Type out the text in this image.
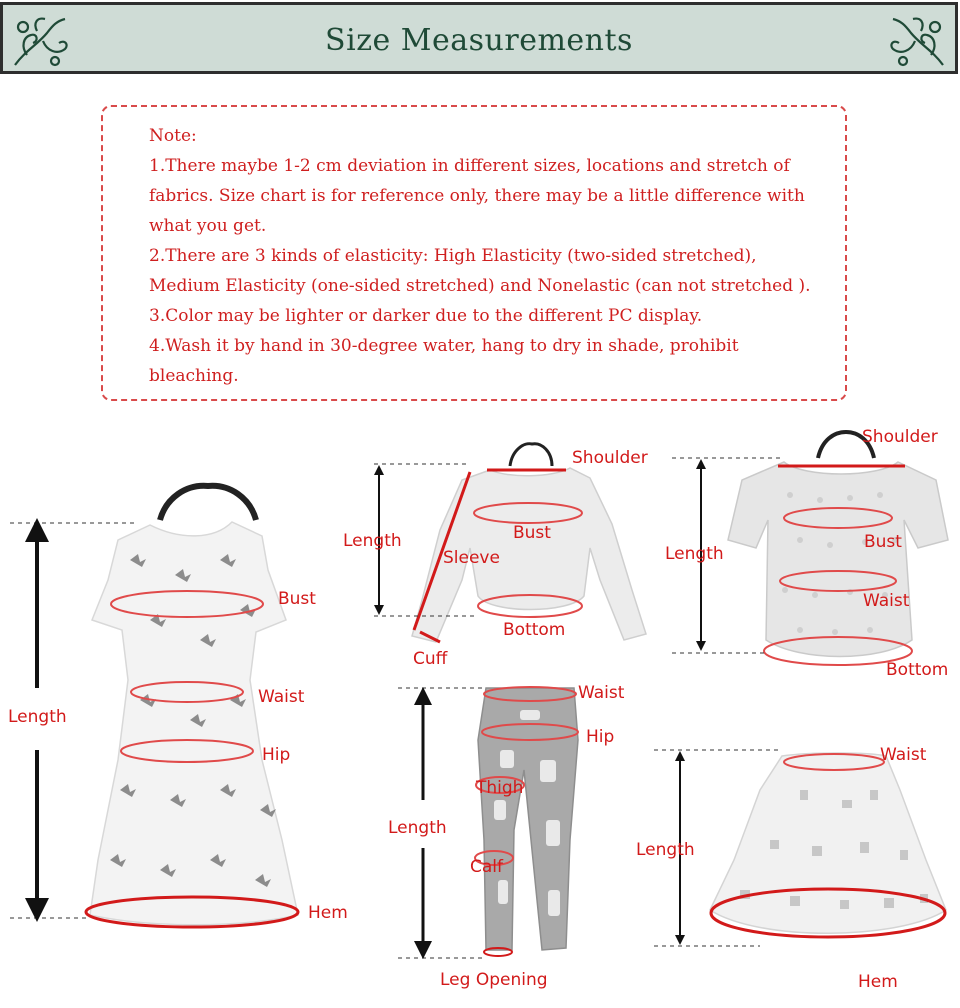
Size Measurements

Note:

1.There maybe 1-2 cm deviation in different sizes, locations and stretch of fabrics. Size chart is for reference only, there may be a little difference with what you get.

2.There are 3 kinds of elasticity: High Elasticity (two-sided stretched), Medium Elasticity (one-sided stretched) and Nonelastic (can not stretched ).

3.Color may be lighter or darker due to the different PC display.

4.Wash it by hand in 30-degree water, hang to dry in shade, prohibit bleaching.

Bust
Waist
Hip
Length
Hem
Shoulder
Length	Bust
Sleeve
Bottom
Cuff
Shoulder
Length
Bust
Waist
Bottom
Waist
Hip
Thigh
Length
Calf
Leg Opening
Waist
Length
Hem
